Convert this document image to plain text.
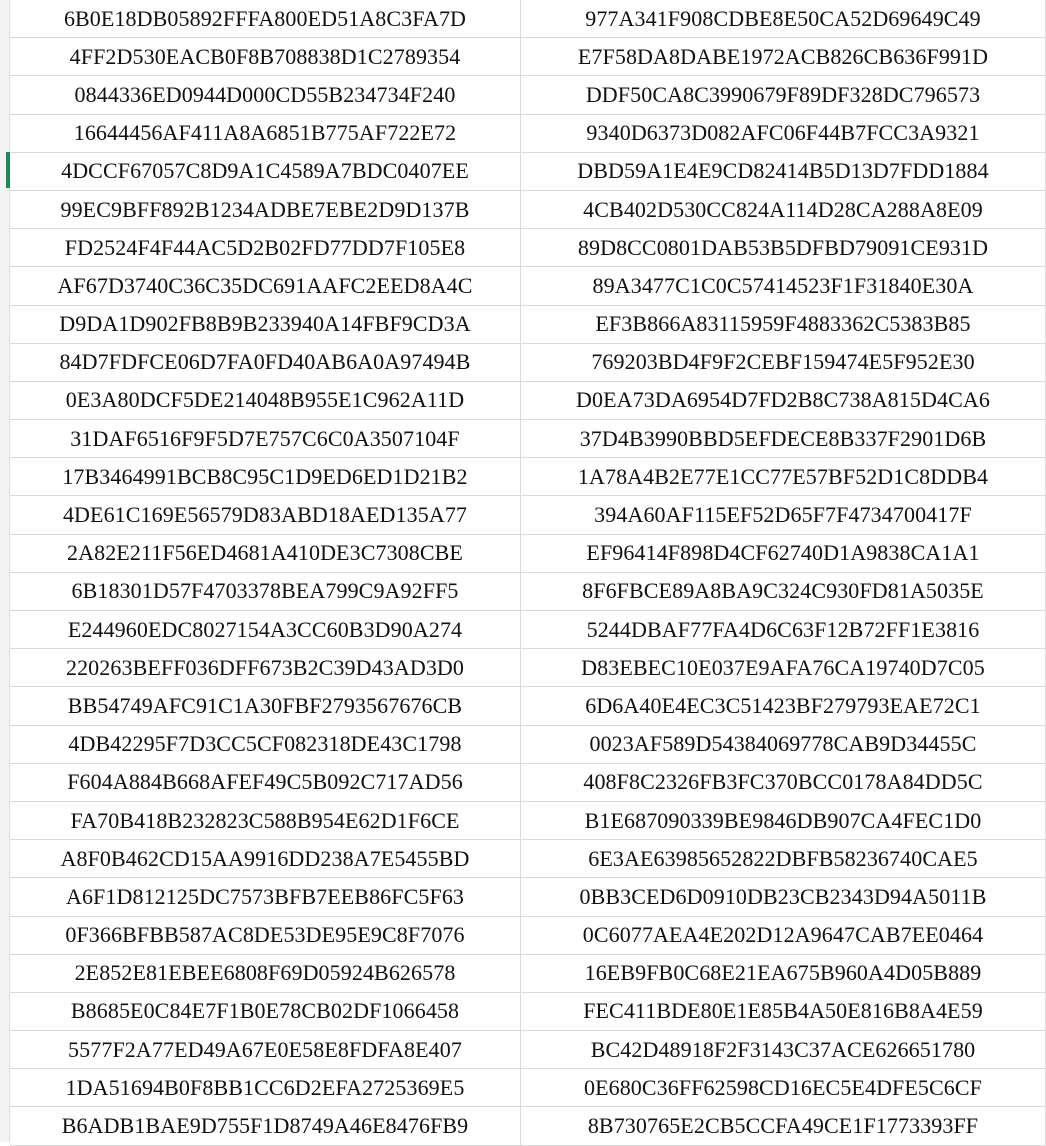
6B0E18DB05892FFFA800ED51A8C3FA7D	977A341F908CDBE8E50CA52D69649C49
4FF2D530EACB0F8B708838D1C2789354	E7F58DA8DABE1972ACB826CB636F991D
0844336ED0944D000CD55B234734F240	DDF50CA8C3990679F89DF328DC796573
16644456AF411A8A6851B775AF722E72	9340D6373D082AFC06F44B7FCC3A9321
4DCCF67057C8D9A1C4589A7BDC0407EE	DBD59A1E4E9CD82414B5D13D7FDD1884
99EC9BFF892B1234ADBE7EBE2D9D137B	4CB402D530CC824A114D28CA288A8E09
FD2524F4F44AC5D2B02FD77DD7F105E8	89D8CC0801DAB53B5DFBD79091CE931D
AF67D3740C36C35DC691AAFC2EED8A4C	89A3477C1C0C57414523F1F31840E30A
D9DA1D902FB8B9B233940A14FBF9CD3A	EF3B866A83115959F4883362C5383B85
84D7FDFCE06D7FA0FD40AB6A0A97494B	769203BD4F9F2CEBF159474E5F952E30
0E3A80DCF5DE214048B955E1C962A11D	D0EA73DA6954D7FD2B8C738A815D4CA6
31DAF6516F9F5D7E757C6C0A3507104F	37D4B3990BBD5EFDECE8B337F2901D6B
17B3464991BCB8C95C1D9ED6ED1D21B2	1A78A4B2E77E1CC77E57BF52D1C8DDB4
4DE61C169E56579D83ABD18AED135A77	394A60AF115EF52D65F7F4734700417F
2A82E211F56ED4681A410DE3C7308CBE	EF96414F898D4CF62740D1A9838CA1A1
6B18301D57F4703378BEA799C9A92FF5	8F6FBCE89A8BA9C324C930FD81A5035E
E244960EDC8027154A3CC60B3D90A274	5244DBAF77FA4D6C63F12B72FF1E3816
220263BEFF036DFF673B2C39D43AD3D0	D83EBEC10E037E9AFA76CA19740D7C05
BB54749AFC91C1A30FBF2793567676CB	6D6A40E4EC3C51423BF279793EAE72C1
4DB42295F7D3CC5CF082318DE43C1798	0023AF589D54384069778CAB9D34455C
F604A884B668AFEF49C5B092C717AD56	408F8C2326FB3FC370BCC0178A84DD5C
FA70B418B232823C588B954E62D1F6CE	B1E687090339BE9846DB907CA4FEC1D0
A8F0B462CD15AA9916DD238A7E5455BD	6E3AE63985652822DBFB58236740CAE5
A6F1D812125DC7573BFB7EEB86FC5F63	0BB3CED6D0910DB23CB2343D94A5011B
0F366BFBB587AC8DE53DE95E9C8F7076	0C6077AEA4E202D12A9647CAB7EE0464
2E852E81EBEE6808F69D05924B626578	16EB9FB0C68E21EA675B960A4D05B889
B8685E0C84E7F1B0E78CB02DF1066458	FEC411BDE80E1E85B4A50E816B8A4E59
5577F2A77ED49A67E0E58E8FDFA8E407	BC42D48918F2F3143C37ACE626651780
1DA51694B0F8BB1CC6D2EFA2725369E5	0E680C36FF62598CD16EC5E4DFE5C6CF
B6ADB1BAE9D755F1D8749A46E8476FB9	8B730765E2CB5CCFA49CE1F1773393FF
